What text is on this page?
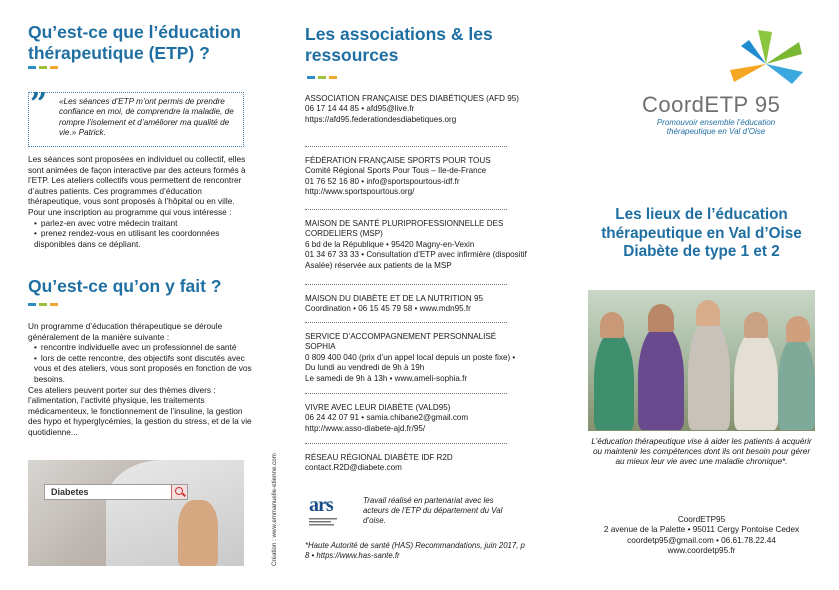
Qu’est-ce que l’éducation thérapeutique (ETP) ?
” «Les séances d’ETP m’ont permis de prendre confiance en moi, de comprendre la maladie, de rompre l’isolement et d’améliorer ma qualité de vie.» Patrick.

Les séances sont proposées en individuel ou collectif, elles sont animées de façon interactive par des acteurs formés à l’ETP. Les ateliers collectifs vous permettent de rencontrer d’autres patients. Ces programmes d’éducation thérapeutique, vous sont proposés à l’hôpital ou en ville. Pour une inscription au programme qui vous intéresse :

• parlez-en avec votre médecin traitant
• prenez rendez-vous en utilisant les coordonnées disponibles dans ce dépliant.
Qu’est-ce qu’on y fait ?

Un programme d’éducation thérapeutique se déroule généralement de la manière suivante :

• rencontre individuelle avec un professionnel de santé
• lors de cette rencontre, des objectifs sont discutés avec vous et des ateliers, vous sont proposés en fonction de vos besoins.

Ces ateliers peuvent porter sur des thèmes divers : l’alimentation, l’activité physique, les traitements médicamenteux, le fonctionnement de l’insuline, la gestion des hypo et hyperglycémies, la gestion du stress, et de la vie quotidienne...

Diabetes	Création : www.emmanuelle-etienne.com
Les associations & les ressources
ASSOCIATION FRANÇAISE DES DIABÉTIQUES (AFD 95)
06 17 14 44 85 • afd95@live.fr
https://afd95.federationdesdiabetiques.org
FÉDÉRATION FRANÇAISE SPORTS POUR TOUS
Comité Régional Sports Pour Tous – Ile-de-France
01 76 52 16 80 • info@sportspourtous-idf.fr
http://www.sportspourtous.org/
MAISON DE SANTÉ PLURIPROFESSIONNELLE DES CORDELIERS (MSP)
6 bd de la République • 95420 Magny-en-Vexin
01 34 67 33 33 • Consultation d’ETP avec infirmière (dispositif Asalée) réservée aux patients de la MSP
MAISON DU DIABÈTE ET DE LA NUTRITION 95
Coordination • 06 15 45 79 58 • www.mdn95.fr
SERVICE D’ACCOMPAGNEMENT PERSONNALISÉ SOPHIA
0 809 400 040 (prix d’un appel local depuis un poste fixe) • Du lundi au vendredi de 9h à 19h
Le samedi de 9h à 13h • www.ameli-sophia.fr
VIVRE AVEC LEUR DIABÈTE (VALD95)
06 24 42 07 91 • samia.chibane2@gmail.com
http://www.asso-diabete-ajd.fr/95/
RÉSEAU RÉGIONAL DIABÈTE IDF R2D
contact.R2D@diabete.com
ars	Travail réalisé en partenariat avec les acteurs de l’ETP du département du Val d’oise.
*Haute Autorité de santé (HAS) Recommandations, juin 2017, p 8 • https://www.has-sante.fr
CoordETP 95
Promouvoir ensemble l’éducation thérapeutique en Val d’Oise
Les lieux de l’éducation thérapeutique en Val d’Oise Diabète de type 1 et 2
L’éducation thérapeutique vise à aider les patients à acquérir ou maintenir les compétences dont ils ont besoin pour gérer au mieux leur vie avec une maladie chronique*.
CoordETP95
2 avenue de la Palette • 95011 Cergy Pontoise Cedex
coordetp95@gmail.com • 06.61.78.22.44
www.coordetp95.fr
